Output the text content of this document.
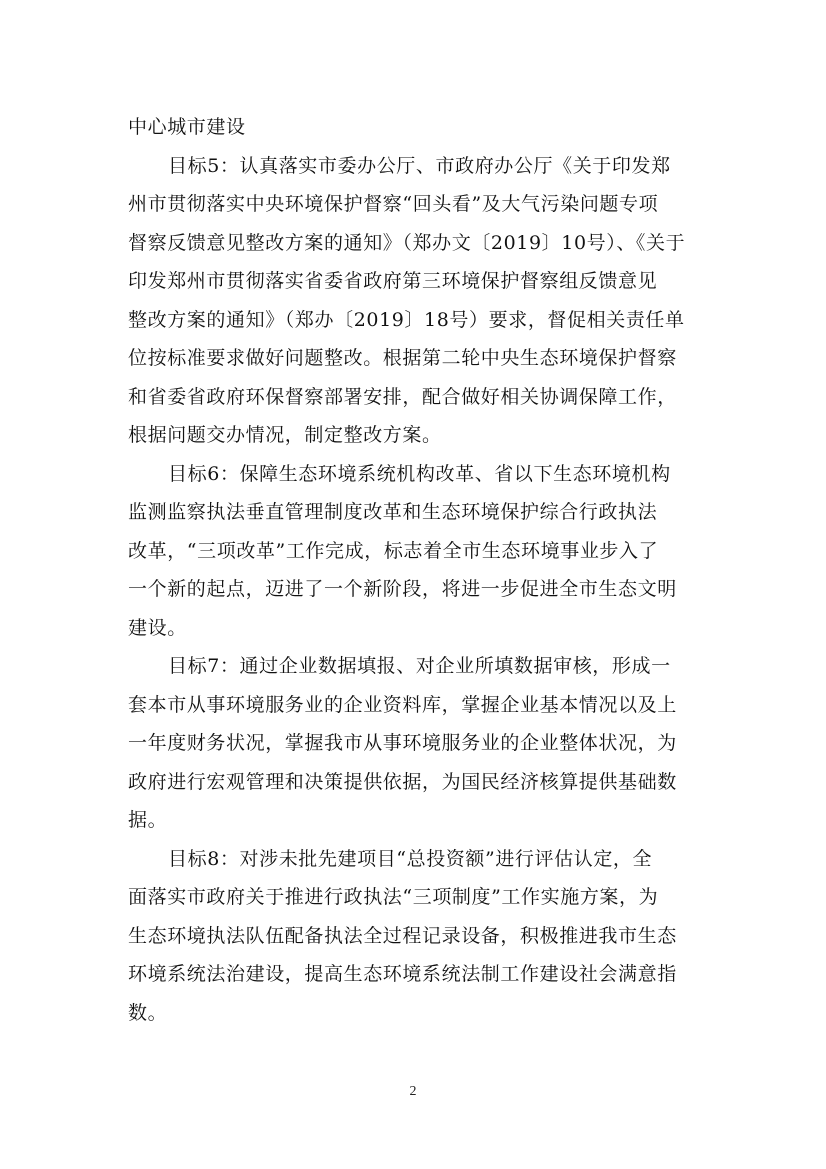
中心城市建设
目标5：认真落实市委办公厅、市政府办公厅《关于印发郑
州市贯彻落实中央环境保护督察“回头看”及大气污染问题专项
督察反馈意见整改方案的通知》（郑办文〔2019〕10号）、《关于
印发郑州市贯彻落实省委省政府第三环境保护督察组反馈意见
整改方案的通知》（郑办〔2019〕18号）要求，督促相关责任单
位按标准要求做好问题整改。根据第二轮中央生态环境保护督察
和省委省政府环保督察部署安排，配合做好相关协调保障工作，
根据问题交办情况，制定整改方案。
目标6：保障生态环境系统机构改革、省以下生态环境机构
监测监察执法垂直管理制度改革和生态环境保护综合行政执法
改革，“三项改革”工作完成，标志着全市生态环境事业步入了
一个新的起点，迈进了一个新阶段，将进一步促进全市生态文明
建设。
目标7：通过企业数据填报、对企业所填数据审核，形成一
套本市从事环境服务业的企业资料库，掌握企业基本情况以及上
一年度财务状况，掌握我市从事环境服务业的企业整体状况，为
政府进行宏观管理和决策提供依据，为国民经济核算提供基础数
据。
目标8：对涉未批先建项目“总投资额”进行评估认定，全
面落实市政府关于推进行政执法“三项制度”工作实施方案，为
生态环境执法队伍配备执法全过程记录设备，积极推进我市生态
环境系统法治建设，提高生态环境系统法制工作建设社会满意指
数。
2
